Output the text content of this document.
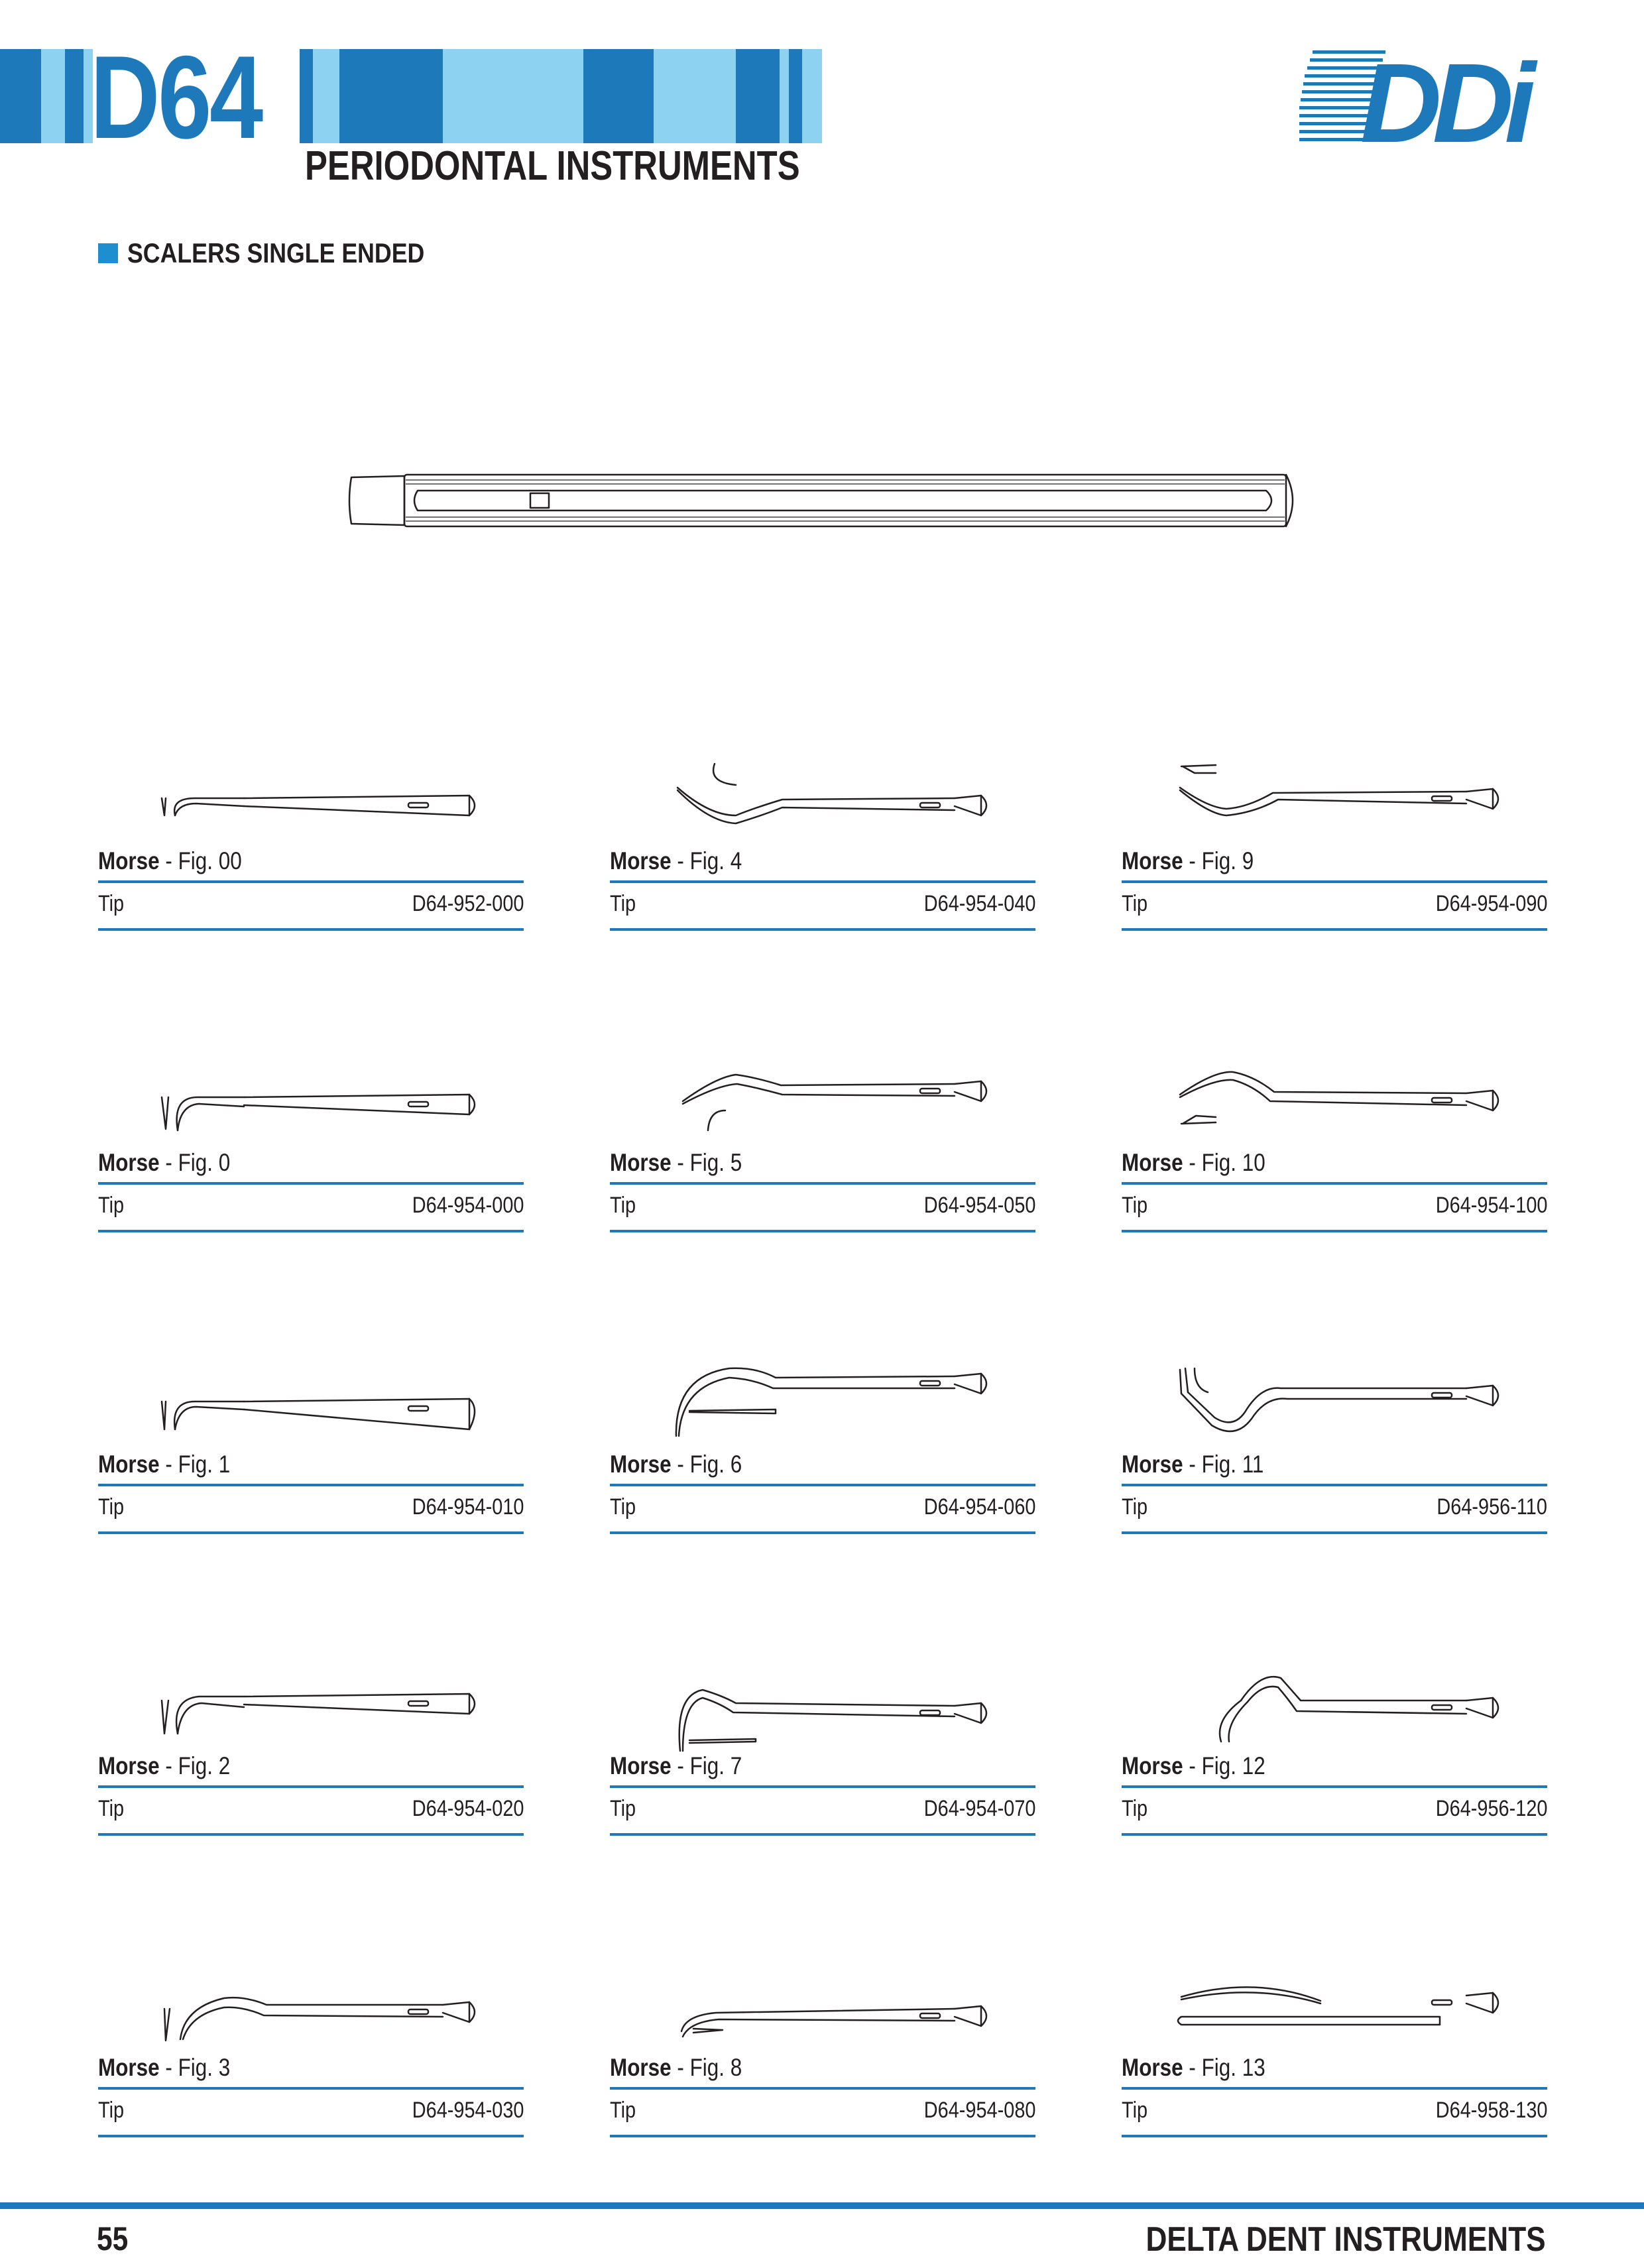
D64
PERIODONTAL INSTRUMENTS	DDi
SCALERS SINGLE ENDED
Morse - Fig. 00
Tip	D64-952-000
Morse - Fig. 4
Tip	D64-954-040
Morse - Fig. 9
Tip	D64-954-090
Morse - Fig. 0
Tip	D64-954-000
Morse - Fig. 5
Tip	D64-954-050
Morse - Fig. 10
Tip	D64-954-100
Morse - Fig. 1
Tip	D64-954-010
Morse - Fig. 6
Tip	D64-954-060
Morse - Fig. 11
Tip	D64-956-110
Morse - Fig. 2
Tip	D64-954-020
Morse - Fig. 7
Tip	D64-954-070
Morse - Fig. 12
Tip	D64-956-120
Morse - Fig. 3
Tip	D64-954-030
Morse - Fig. 8
Tip	D64-954-080
Morse - Fig. 13
Tip	D64-958-130
55	DELTA DENT INSTRUMENTS
